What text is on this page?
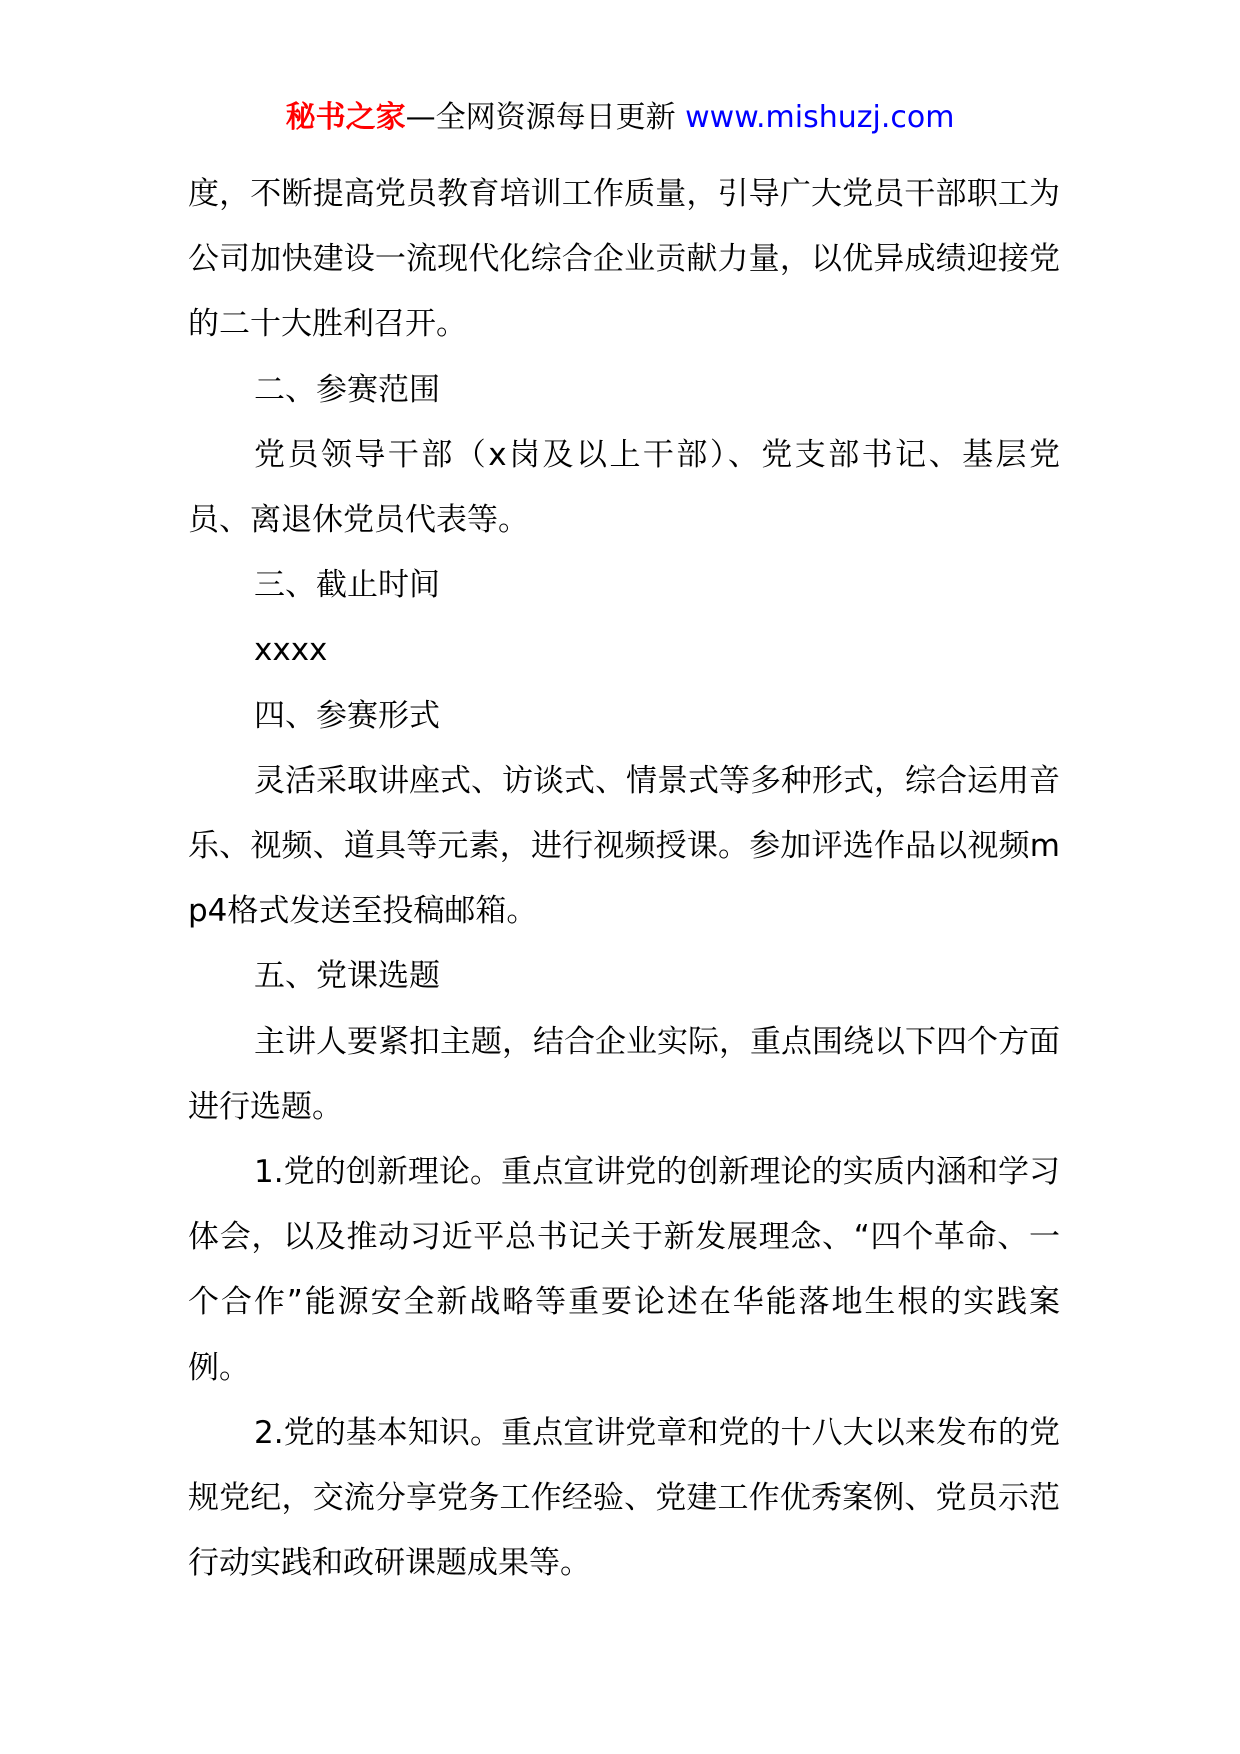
秘书之家—全网资源每日更新 www.mishuzj.com

度，不断提高党员教育培训工作质量，引导广大党员干部职工为公司加快建设一流现代化综合企业贡献力量，以优异成绩迎接党的二十大胜利召开。

二、参赛范围

党员领导干部（x岗及以上干部）、党支部书记、基层党员、离退休党员代表等。

三、截止时间

xxxx

四、参赛形式

灵活采取讲座式、访谈式、情景式等多种形式，综合运用音乐、视频、道具等元素，进行视频授课。参加评选作品以视频mp4格式发送至投稿邮箱。

五、党课选题

主讲人要紧扣主题，结合企业实际，重点围绕以下四个方面进行选题。

1.党的创新理论。重点宣讲党的创新理论的实质内涵和学习体会，以及推动习近平总书记关于新发展理念、“四个革命、一个合作”能源安全新战略等重要论述在华能落地生根的实践案例。

2.党的基本知识。重点宣讲党章和党的十八大以来发布的党规党纪，交流分享党务工作经验、党建工作优秀案例、党员示范行动实践和政研课题成果等。
